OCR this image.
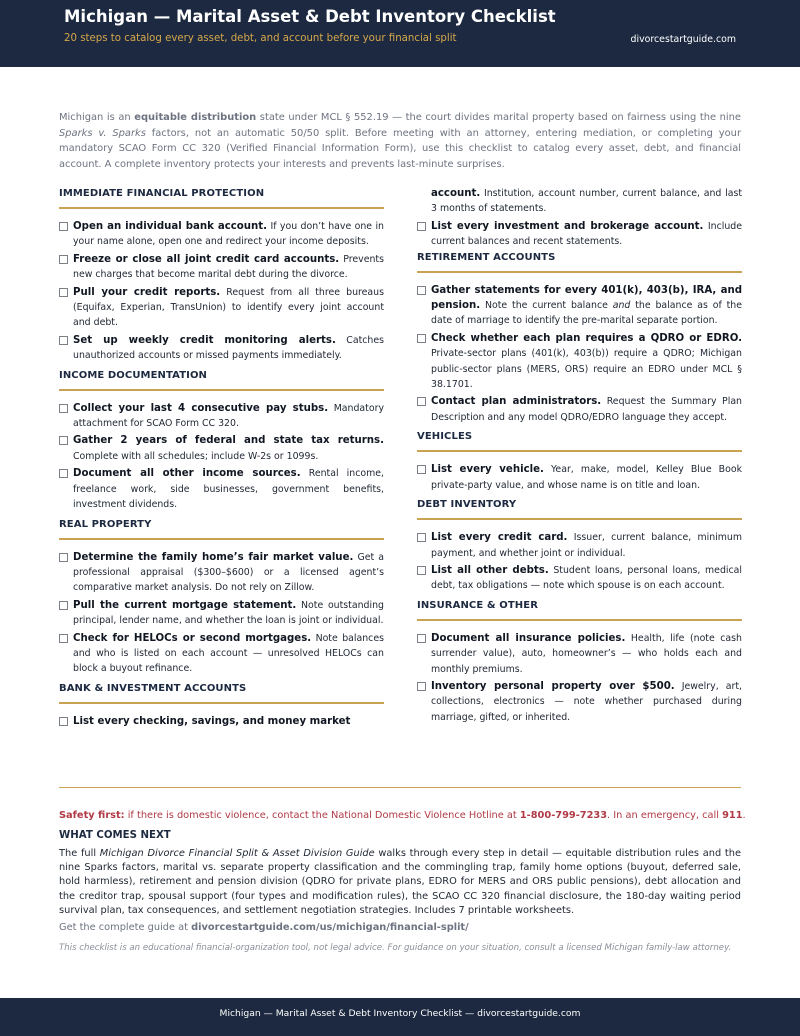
Michigan — Marital Asset & Debt Inventory Checklist
20 steps to catalog every asset, debt, and account before your financial split	divorcestartguide.com
Michigan is an equitable distribution state under MCL § 552.19 — the court divides marital property based on fairness using the nine Sparks v. Sparks factors, not an automatic 50/50 split. Before meeting with an attorney, entering mediation, or completing your mandatory SCAO Form CC 320 (Verified Financial Information Form), use this checklist to catalog every asset, debt, and financial account. A complete inventory protects your interests and prevents last-minute surprises.
IMMEDIATE FINANCIAL PROTECTION
Open an individual bank account. If you don’t have one in your name alone, open one and redirect your income deposits.
Freeze or close all joint credit card accounts. Prevents new charges that become marital debt during the divorce.
Pull your credit reports. Request from all three bureaus (Equifax, Experian, TransUnion) to identify every joint account and debt.
Set up weekly credit monitoring alerts. Catches unauthorized accounts or missed payments immediately.
INCOME DOCUMENTATION
Collect your last 4 consecutive pay stubs. Mandatory attachment for SCAO Form CC 320.
Gather 2 years of federal and state tax returns. Complete with all schedules; include W-2s or 1099s.
Document all other income sources. Rental income, freelance work, side businesses, government benefits, investment dividends.
REAL PROPERTY
Determine the family home’s fair market value. Get a professional appraisal ($300–$600) or a licensed agent’s comparative market analysis. Do not rely on Zillow.
Pull the current mortgage statement. Note outstanding principal, lender name, and whether the loan is joint or individual.
Check for HELOCs or second mortgages. Note balances and who is listed on each account — unresolved HELOCs can block a buyout refinance.
BANK & INVESTMENT ACCOUNTS
List every checking, savings, and money market
account. Institution, account number, current balance, and last 3 months of statements.
List every investment and brokerage account. Include current balances and recent statements.
RETIREMENT ACCOUNTS
Gather statements for every 401(k), 403(b), IRA, and pension. Note the current balance and the balance as of the date of marriage to identify the pre-marital separate portion.
Check whether each plan requires a QDRO or EDRO. Private-sector plans (401(k), 403(b)) require a QDRO; Michigan public-sector plans (MERS, ORS) require an EDRO under MCL § 38.1701.
Contact plan administrators. Request the Summary Plan Description and any model QDRO/EDRO language they accept.
VEHICLES
List every vehicle. Year, make, model, Kelley Blue Book private-party value, and whose name is on title and loan.
DEBT INVENTORY
List every credit card. Issuer, current balance, minimum payment, and whether joint or individual.
List all other debts. Student loans, personal loans, medical debt, tax obligations — note which spouse is on each account.
INSURANCE & OTHER
Document all insurance policies. Health, life (note cash surrender value), auto, homeowner’s — who holds each and monthly premiums.
Inventory personal property over $500. Jewelry, art, collections, electronics — note whether purchased during marriage, gifted, or inherited.
Safety first: if there is domestic violence, contact the National Domestic Violence Hotline at 1-800-799-7233. In an emergency, call 911.
WHAT COMES NEXT
The full Michigan Divorce Financial Split & Asset Division Guide walks through every step in detail — equitable distribution rules and the nine Sparks factors, marital vs. separate property classification and the commingling trap, family home options (buyout, deferred sale, hold harmless), retirement and pension division (QDRO for private plans, EDRO for MERS and ORS public pensions), debt allocation and the creditor trap, spousal support (four types and modification rules), the SCAO CC 320 financial disclosure, the 180-day waiting period survival plan, tax consequences, and settlement negotiation strategies. Includes 7 printable worksheets.
Get the complete guide at divorcestartguide.com/us/michigan/financial-split/
This checklist is an educational financial-organization tool, not legal advice. For guidance on your situation, consult a licensed Michigan family-law attorney.
Michigan — Marital Asset & Debt Inventory Checklist — divorcestartguide.com
